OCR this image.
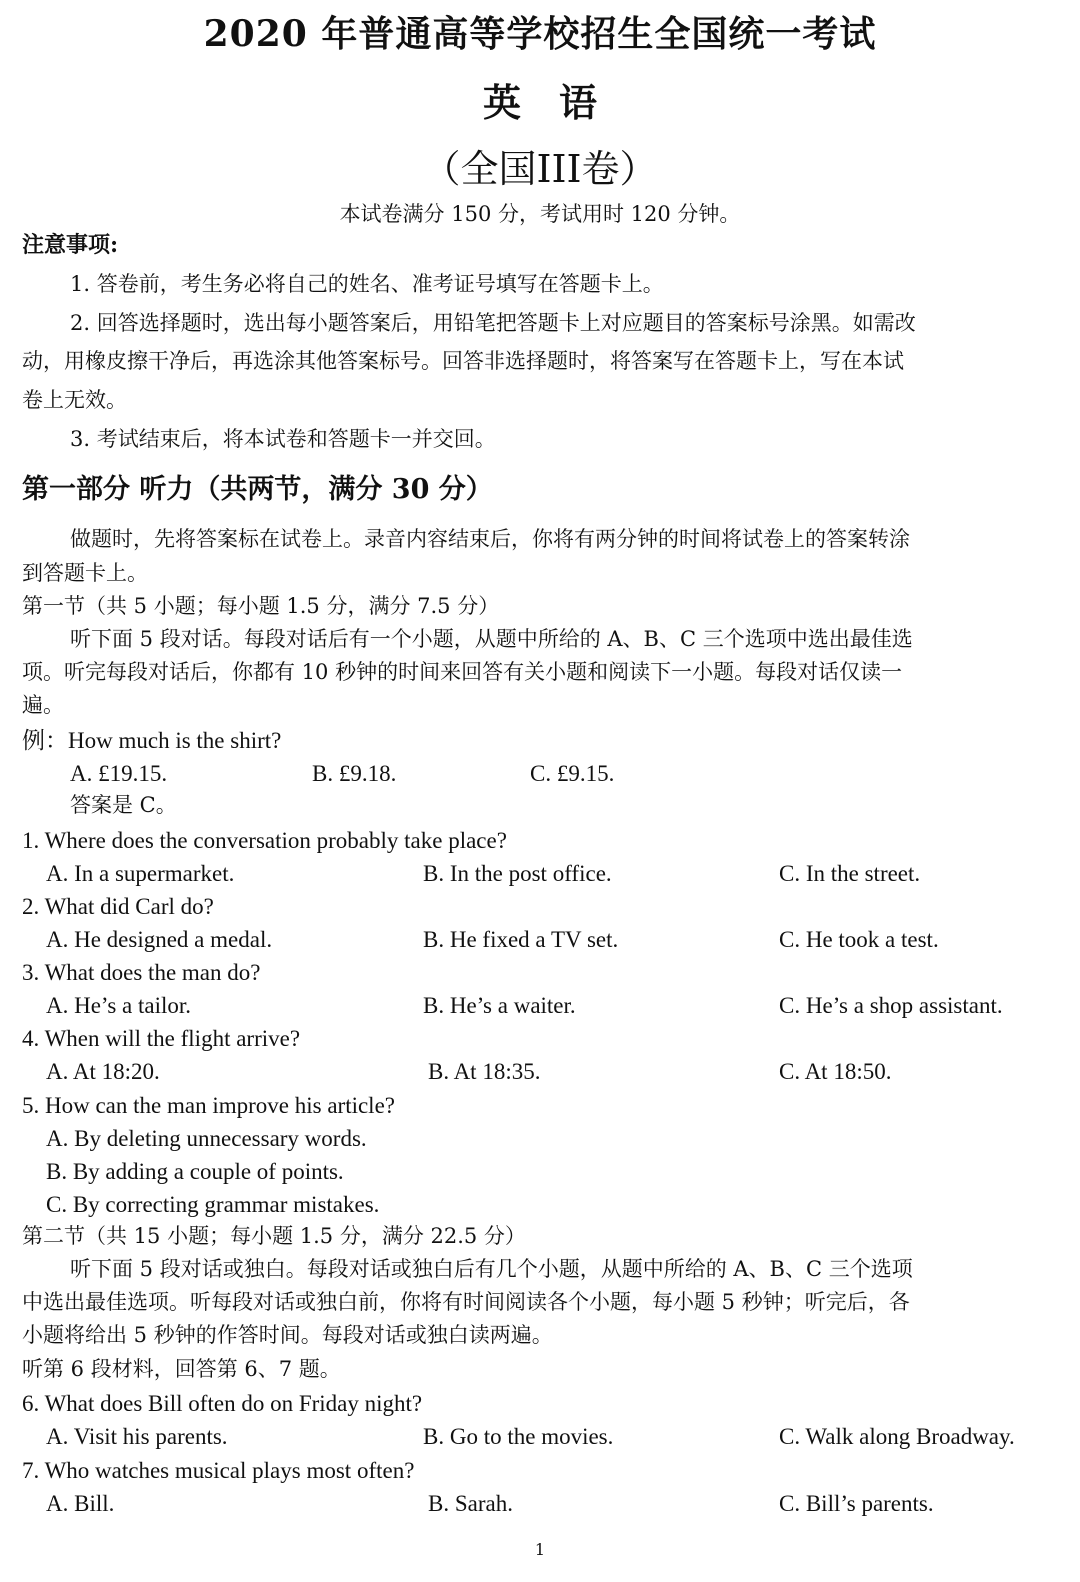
2020 年普通高等学校招生全国统一考试
英　语
（全国III卷）
本试卷满分 150 分，考试用时 120 分钟。
注意事项:
1. 答卷前，考生务必将自己的姓名、准考证号填写在答题卡上。
2. 回答选择题时，选出每小题答案后，用铅笔把答题卡上对应题目的答案标号涂黑。如需改
动，用橡皮擦干净后，再选涂其他答案标号。回答非选择题时，将答案写在答题卡上，写在本试
卷上无效。
3. 考试结束后，将本试卷和答题卡一并交回。
第一部分 听力（共两节，满分 30 分）
做题时，先将答案标在试卷上。录音内容结束后，你将有两分钟的时间将试卷上的答案转涂
到答题卡上。
第一节（共 5 小题；每小题 1.5 分，满分 7.5 分）
听下面 5 段对话。每段对话后有一个小题，从题中所给的 A、B、C 三个选项中选出最佳选
项。听完每段对话后，你都有 10 秒钟的时间来回答有关小题和阅读下一小题。每段对话仅读一
遍。
例：How much is the shirt?
A. £19.15.	B. £9.18.	C. £9.15.
答案是 C。
1. Where does the conversation probably take place?
A. In a supermarket.	B. In the post office.	C. In the street.
2. What did Carl do?
A. He designed a medal.	B. He fixed a TV set.	C. He took a test.
3. What does the man do?
A. He’s a tailor.	B. He’s a waiter.	C. He’s a shop assistant.
4. When will the flight arrive?
A. At 18:20.	B. At 18:35.	C. At 18:50.
5. How can the man improve his article?
A. By deleting unnecessary words.
B. By adding a couple of points.
C. By correcting grammar mistakes.
第二节（共 15 小题；每小题 1.5 分，满分 22.5 分）
听下面 5 段对话或独白。每段对话或独白后有几个小题，从题中所给的 A、B、C 三个选项
中选出最佳选项。听每段对话或独白前，你将有时间阅读各个小题，每小题 5 秒钟；听完后，各
小题将给出 5 秒钟的作答时间。每段对话或独白读两遍。
听第 6 段材料，回答第 6、7 题。
6. What does Bill often do on Friday night?
A. Visit his parents.	B. Go to the movies.	C. Walk along Broadway.
7. Who watches musical plays most often?
A. Bill.	B. Sarah.	C. Bill’s parents.
1
